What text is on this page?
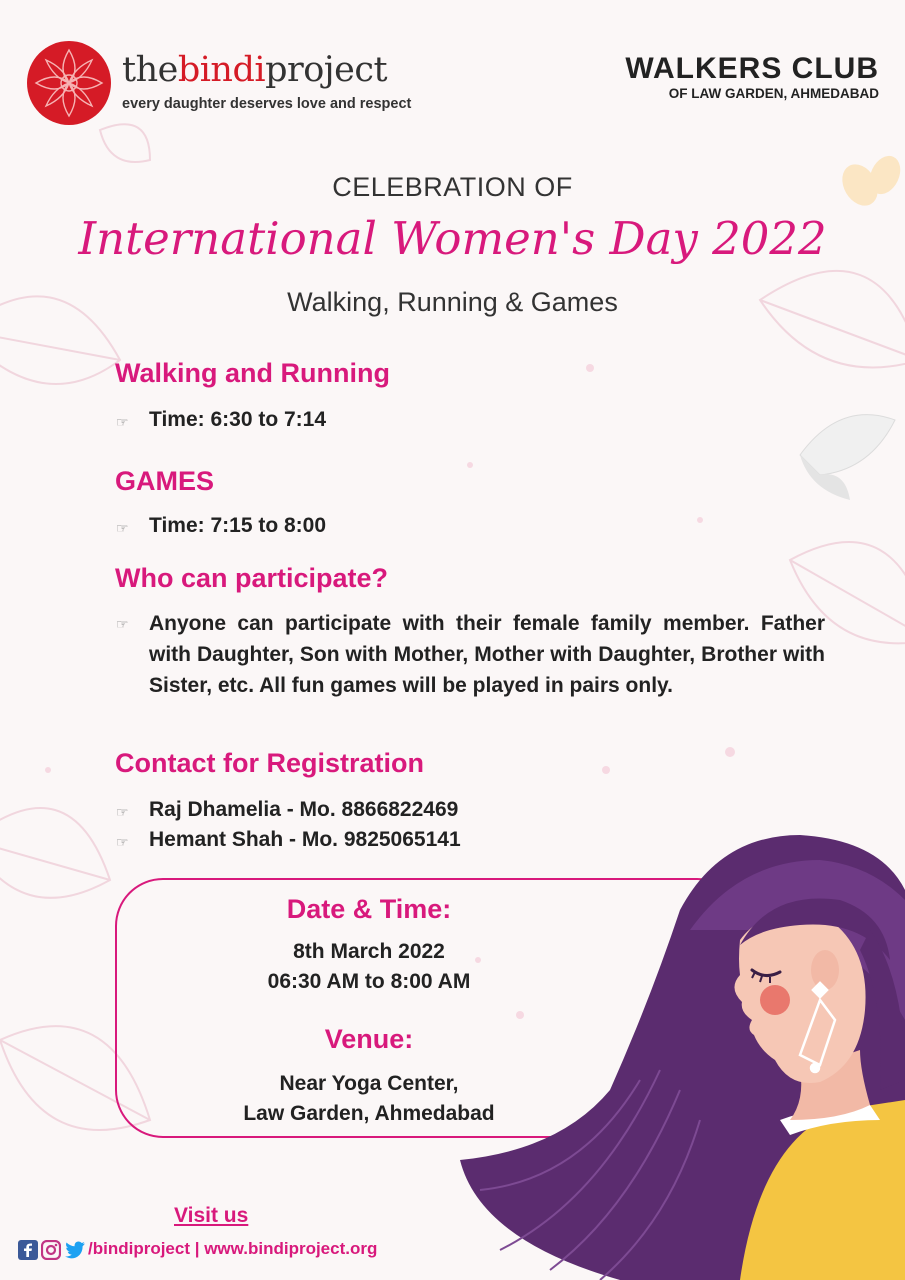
thebindiproject
every daughter deserves love and respect
WALKERS CLUB
OF LAW GARDEN, AHMEDABAD
CELEBRATION OF
International Women's Day 2022
Walking, Running & Games
Walking and Running
☞ Time: 6:30 to 7:14
GAMES
☞ Time: 7:15 to 8:00
Who can participate?
☞ Anyone can participate with their female family member. Father with Daughter, Son with Mother, Mother with Daughter, Brother with Sister, etc. All fun games will be played in pairs only.
Contact for Registration
☞ Raj Dhamelia - Mo. 8866822469
☞ Hemant Shah - Mo. 9825065141
Date & Time:
8th March 2022
06:30 AM to 8:00 AM
Venue:
Near Yoga Center,
Law Garden, Ahmedabad
Visit us
/bindiproject | www.bindiproject.org
